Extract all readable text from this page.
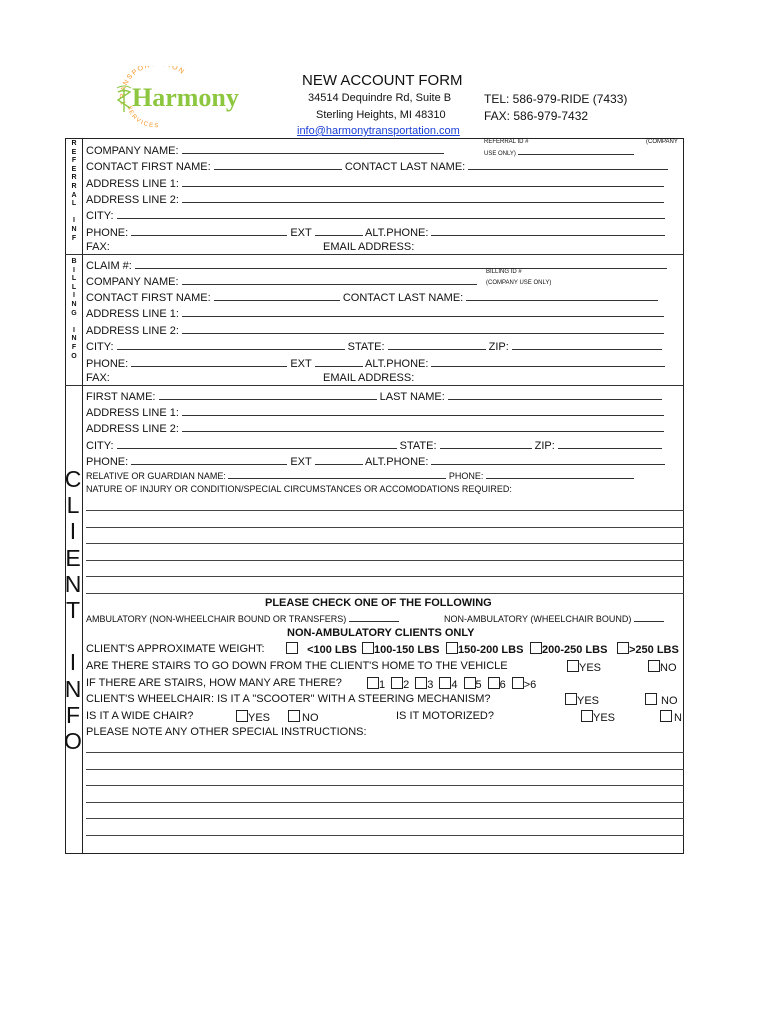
TRANSPOR ION
SERVICES
Harmony
NEW ACCOUNT FORM
34514 Dequindre Rd, Suite B
Sterling Heights, MI 48310
info@harmonytransportation.com
TEL: 586-979-RIDE (7433)
FAX: 586-979-7432
R
E
F
E
R
R
A
L

I
N
F
B
I
L
L
I
N
G

I
N
F
O
C
L
I
E
N
T

I
N
F
O
COMPANY NAME:
REFERRAL ID #	(COMPANY
USE ONLY)
CONTACT FIRST NAME:	CONTACT LAST NAME:
ADDRESS LINE 1:
ADDRESS LINE 2:
CITY:
PHONE:	EXT	ALT.PHONE:
FAX:	EMAIL ADDRESS:
CLAIM #:
COMPANY NAME:
BILLING ID #
(COMPANY USE ONLY)
CONTACT FIRST NAME:	CONTACT LAST NAME:
ADDRESS LINE 1:
ADDRESS LINE 2:
CITY:	STATE:	ZIP:
PHONE:	EXT	ALT.PHONE:
FAX:	EMAIL ADDRESS:
FIRST NAME:	LAST NAME:
ADDRESS LINE 1:
ADDRESS LINE 2:
CITY:	STATE:	ZIP:
PHONE:	EXT	ALT.PHONE:
RELATIVE OR GUARDIAN NAME:	PHONE:
NATURE OF INJURY OR CONDITION/SPECIAL CIRCUMSTANCES OR ACCOMODATIONS REQUIRED:
PLEASE CHECK ONE OF THE FOLLOWING
AMBULATORY (NON-WHEELCHAIR BOUND OR TRANSFERS)	NON-AMBULATORY (WHEELCHAIR BOUND)
NON-AMBULATORY CLIENTS ONLY
CLIENT'S APPROXIMATE WEIGHT:	<100 LBS	100-150 LBS	150-200 LBS	200-250 LBS	>250 LBS
ARE THERE STAIRS TO GO DOWN FROM THE CLIENT'S HOME TO THE VEHICLE	YES	NO
IF THERE ARE STAIRS, HOW MANY ARE THERE?	1 2 3 4 5 6 >6
CLIENT'S WHEELCHAIR: IS IT A "SCOOTER" WITH A STEERING MECHANISM?	YES	NO
IS IT A WIDE CHAIR?	YES	NO	IS IT MOTORIZED?	YES	N
PLEASE NOTE ANY OTHER SPECIAL INSTRUCTIONS:
